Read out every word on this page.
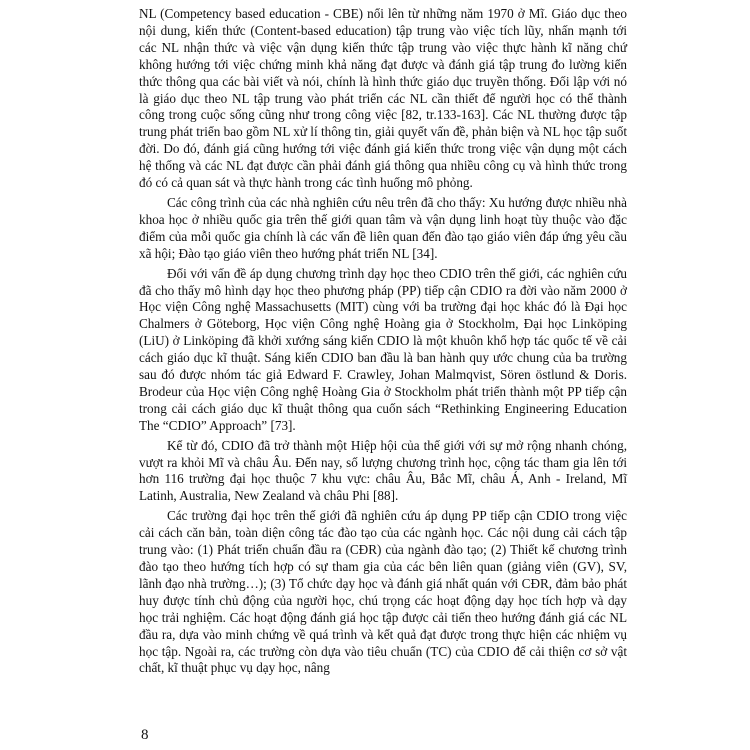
NL (Competency based education - CBE) nổi lên từ những năm 1970 ở Mĩ. Giáo dục theo nội dung, kiến thức (Content-based education) tập trung vào việc tích lũy, nhấn mạnh tới các NL nhận thức và việc vận dụng kiến thức tập trung vào việc thực hành kĩ năng chứ không hướng tới việc chứng minh khả năng đạt được và đánh giá tập trung đo lường kiến thức thông qua các bài viết và nói, chính là hình thức giáo dục truyền thống. Đối lập với nó là giáo dục theo NL tập trung vào phát triển các NL cần thiết để người học có thể thành công trong cuộc sống cũng như trong công việc [82, tr.133-163]. Các NL thường được tập trung phát triển bao gồm NL xử lí thông tin, giải quyết vấn đề, phản biện và NL học tập suốt đời. Do đó, đánh giá cũng hướng tới việc đánh giá kiến thức trong việc vận dụng một cách hệ thống và các NL đạt được cần phải đánh giá thông qua nhiều công cụ và hình thức trong đó có cả quan sát và thực hành trong các tình huống mô phỏng.

Các công trình của các nhà nghiên cứu nêu trên đã cho thấy: Xu hướng được nhiều nhà khoa học ở nhiều quốc gia trên thế giới quan tâm và vận dụng linh hoạt tùy thuộc vào đặc điểm của mỗi quốc gia chính là các vấn đề liên quan đến đào tạo giáo viên đáp ứng yêu cầu xã hội; Đào tạo giáo viên theo hướng phát triển NL [34].

Đối với vấn đề áp dụng chương trình dạy học theo CDIO trên thế giới, các nghiên cứu đã cho thấy mô hình dạy học theo phương pháp (PP) tiếp cận CDIO ra đời vào năm 2000 ở Học viện Công nghệ Massachusetts (MIT) cùng với ba trường đại học khác đó là Đại học Chalmers ở Göteborg, Học viện Công nghệ Hoàng gia ở Stockholm, Đại học Linköping (LiU) ở Linköping đã khởi xướng sáng kiến CDIO là một khuôn khổ hợp tác quốc tế về cải cách giáo dục kĩ thuật. Sáng kiến CDIO ban đầu là ban hành quy ước chung của ba trường sau đó được nhóm tác giả Edward F. Crawley, Johan Malmqvist, Sören östlund & Doris. Brodeur của Học viện Công nghệ Hoàng Gia ở Stockholm phát triển thành một PP tiếp cận trong cải cách giáo dục kĩ thuật thông qua cuốn sách “Rethinking Engineering Education The “CDIO” Approach” [73].

Kể từ đó, CDIO đã trở thành một Hiệp hội của thế giới với sự mở rộng nhanh chóng, vượt ra khỏi Mĩ và châu Âu. Đến nay, số lượng chương trình học, cộng tác tham gia lên tới hơn 116 trường đại học thuộc 7 khu vực: châu Âu, Bắc Mĩ, châu Á, Anh - Ireland, Mĩ Latinh, Australia, New Zealand và châu Phi [88].

Các trường đại học trên thế giới đã nghiên cứu áp dụng PP tiếp cận CDIO trong việc cải cách căn bản, toàn diện công tác đào tạo của các ngành học. Các nội dung cải cách tập trung vào: (1) Phát triển chuẩn đầu ra (CĐR) của ngành đào tạo; (2) Thiết kế chương trình đào tạo theo hướng tích hợp có sự tham gia của các bên liên quan (giảng viên (GV), SV, lãnh đạo nhà trường…); (3) Tổ chức dạy học và đánh giá nhất quán với CĐR, đảm bảo phát huy được tính chủ động của người học, chú trọng các hoạt động dạy học tích hợp và dạy học trải nghiệm. Các hoạt động đánh giá học tập được cải tiến theo hướng đánh giá các NL đầu ra, dựa vào minh chứng về quá trình và kết quả đạt được trong thực hiện các nhiệm vụ học tập. Ngoài ra, các trường còn dựa vào tiêu chuẩn (TC) của CDIO để cải thiện cơ sở vật chất, kĩ thuật phục vụ dạy học, nâng

8
